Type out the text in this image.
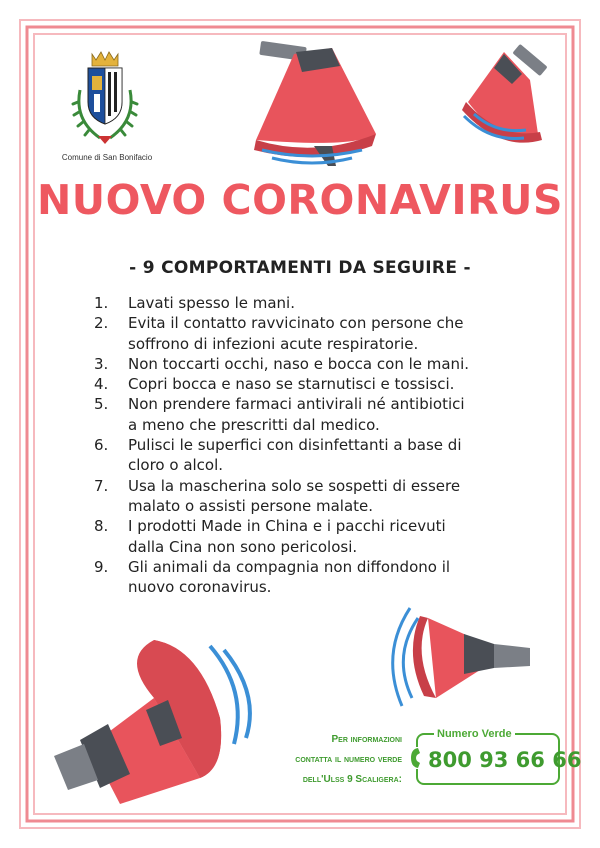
Comune di San Bonifacio
NUOVO CORONAVIRUS
- 9 COMPORTAMENTI DA SEGUIRE -
1.	Lavati spesso le mani.
2.	Evita il contatto ravvicinato con persone che
soffrono di infezioni acute respiratorie.
3.	Non toccarti occhi, naso e bocca con le mani.
4.	Copri bocca e naso se starnutisci e tossisci.
5.	Non prendere farmaci antivirali né antibiotici
a meno che prescritti dal medico.
6.	Pulisci le superfici con disinfettanti a base di
cloro o alcol.
7.	Usa la mascherina solo se sospetti di essere
malato o assisti persone malate.
8.	I prodotti Made in China e i pacchi ricevuti
dalla Cina non sono pericolosi.
9.	Gli animali da compagnia non diffondono il
nuovo coronavirus.
Per informazioni
contatta il numero verde
dell'Ulss 9 Scaligera:
Numero Verde
800 93 66 66
